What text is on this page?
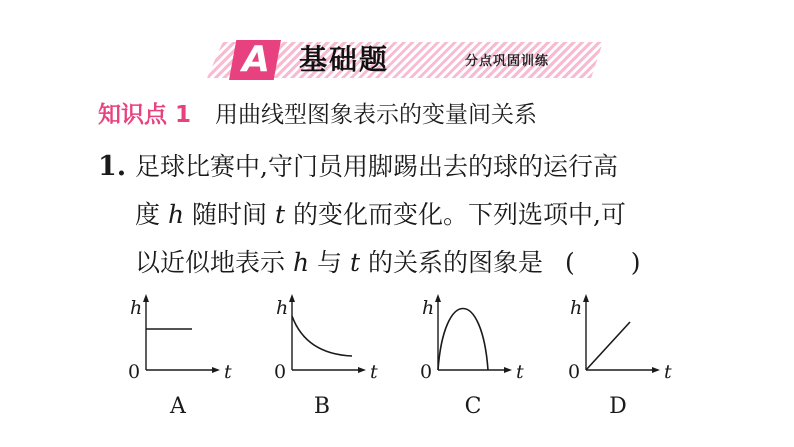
A	基础题	分点巩固训练
知识点 1 用曲线型图象表示的变量间关系
1. 足球比赛中,守门员用脚踢出去的球的运行高
度 h 随时间 t 的变化而变化。下列选项中,可
以近似地表示 h 与 t 的关系的图象是 ( )
h
t
0
A
h
t
0
B
h
t
0
C
h
t
0
D
